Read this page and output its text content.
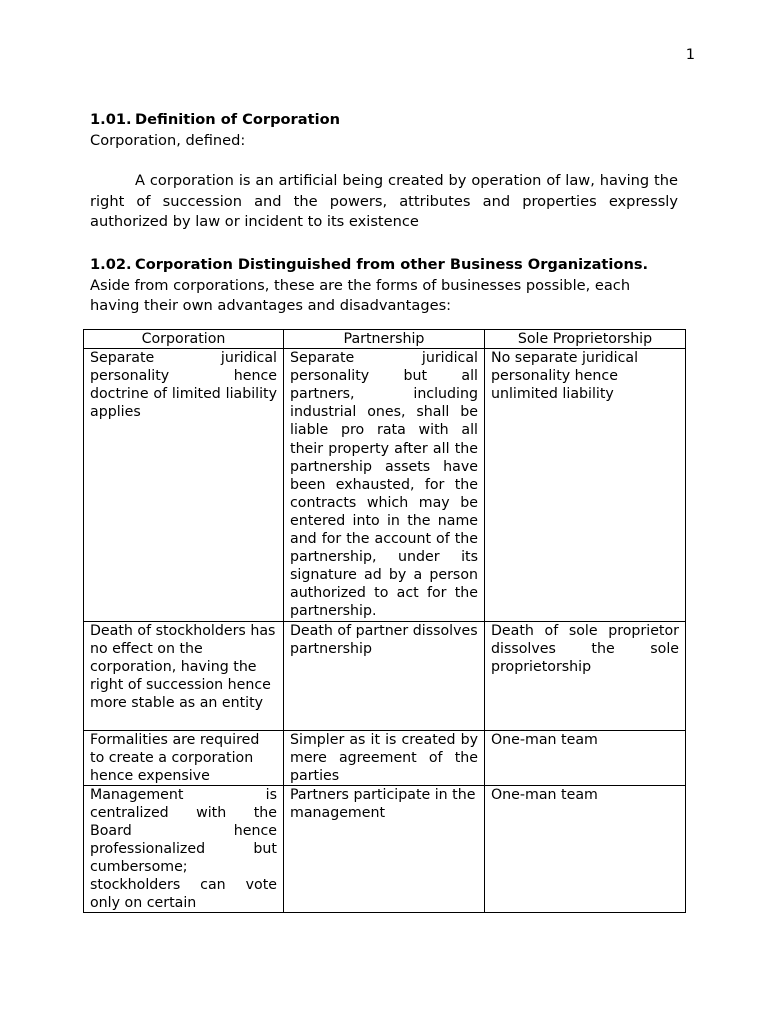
1
1.01. Definition of Corporation
Corporation, defined:

A corporation is an artificial being created by operation of law, having the right of succession and the powers, attributes and properties expressly authorized by law or incident to its existence

1.02. Corporation Distinguished from other Business Organizations.
Aside from corporations, these are the forms of businesses possible, each having their own advantages and disadvantages:
Corporation	Partnership	Sole Proprietorship
Separate juridical personality hence doctrine of limited liability applies	Separate juridical personality but all partners, including industrial ones, shall be liable pro rata with all their property after all the partnership assets have been exhausted, for the contracts which may be entered into in the name and for the account of the partnership, under its signature ad by a person authorized to act for the partnership.	No separate juridical personality hence unlimited liability
Death of stockholders has no effect on the corporation, having the right of succession hence more stable as an entity	Death of partner dissolves partnership	Death of sole proprietor dissolves the sole proprietorship
Formalities are required to create a corporation hence expensive	Simpler as it is created by mere agreement of the parties	One-man team
Management is centralized with the Board hence professionalized but cumbersome; stockholders can vote only on certain	Partners participate in the management	One-man team
